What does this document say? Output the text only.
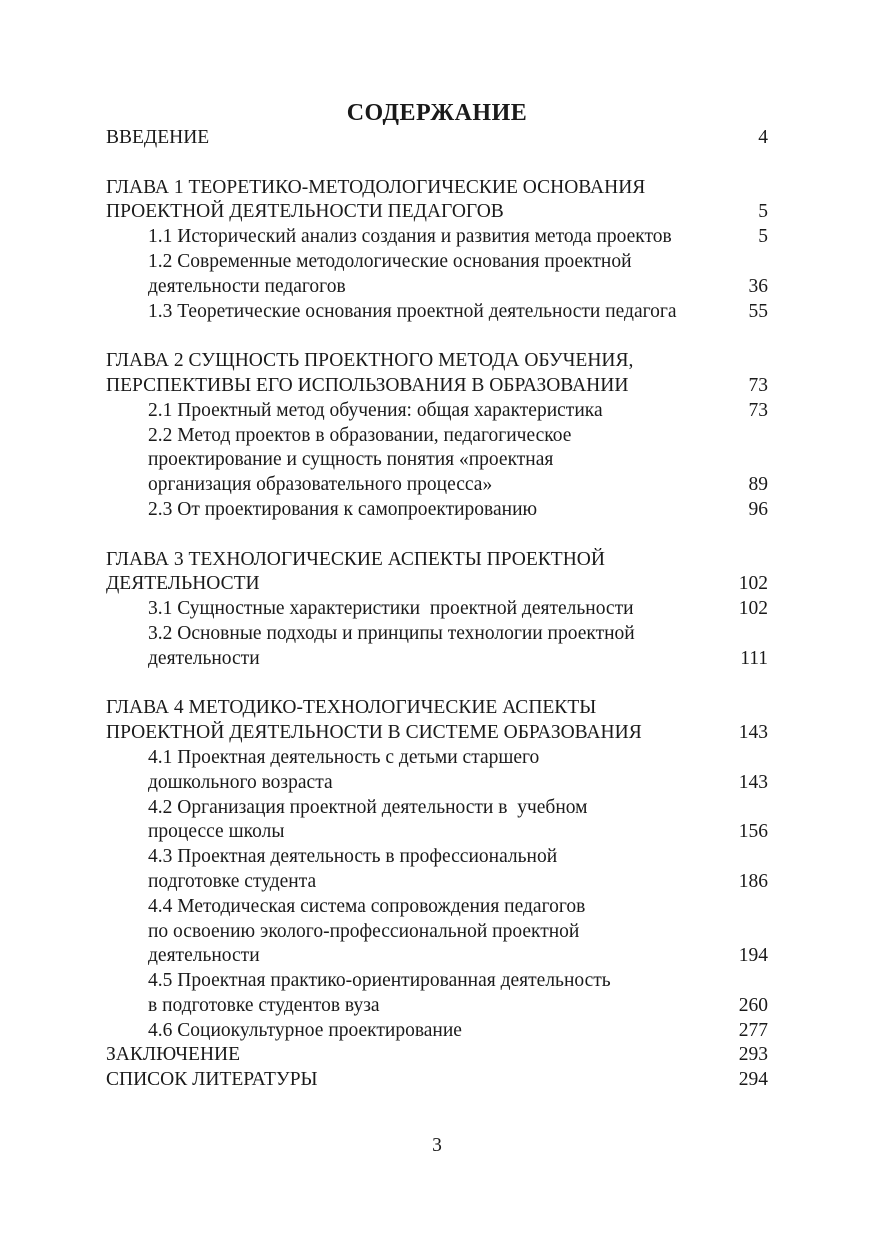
СОДЕРЖАНИЕ
ВВЕДЕНИЕ	4
ГЛАВА 1 ТЕОРЕТИКО-МЕТОДОЛОГИЧЕСКИЕ ОСНОВАНИЯ
ПРОЕКТНОЙ ДЕЯТЕЛЬНОСТИ ПЕДАГОГОВ	5
1.1 Исторический анализ создания и развития метода проектов	5
1.2 Современные методологические основания проектной
деятельности педагогов	36
1.3 Теоретические основания проектной деятельности педагога	55
ГЛАВА 2 СУЩНОСТЬ ПРОЕКТНОГО МЕТОДА ОБУЧЕНИЯ,
ПЕРСПЕКТИВЫ ЕГО ИСПОЛЬЗОВАНИЯ В ОБРАЗОВАНИИ	73
2.1 Проектный метод обучения: общая характеристика	73
2.2 Метод проектов в образовании, педагогическое
проектирование и сущность понятия «проектная
организация образовательного процесса»	89
2.3 От проектирования к самопроектированию	96
ГЛАВА 3 ТЕХНОЛОГИЧЕСКИЕ АСПЕКТЫ ПРОЕКТНОЙ
ДЕЯТЕЛЬНОСТИ	102
3.1 Сущностные характеристики  проектной деятельности	102
3.2 Основные подходы и принципы технологии проектной
деятельности	111
ГЛАВА 4 МЕТОДИКО-ТЕХНОЛОГИЧЕСКИЕ АСПЕКТЫ
ПРОЕКТНОЙ ДЕЯТЕЛЬНОСТИ В СИСТЕМЕ ОБРАЗОВАНИЯ	143
4.1 Проектная деятельность с детьми старшего
дошкольного возраста	143
4.2 Организация проектной деятельности в  учебном
процессе школы	156
4.3 Проектная деятельность в профессиональной
подготовке студента	186
4.4 Методическая система сопровождения педагогов
по освоению эколого-профессиональной проектной
деятельности	194
4.5 Проектная практико-ориентированная деятельность
в подготовке студентов вуза	260
4.6 Социокультурное проектирование	277
ЗАКЛЮЧЕНИЕ	293
СПИСОК ЛИТЕРАТУРЫ	294
3
